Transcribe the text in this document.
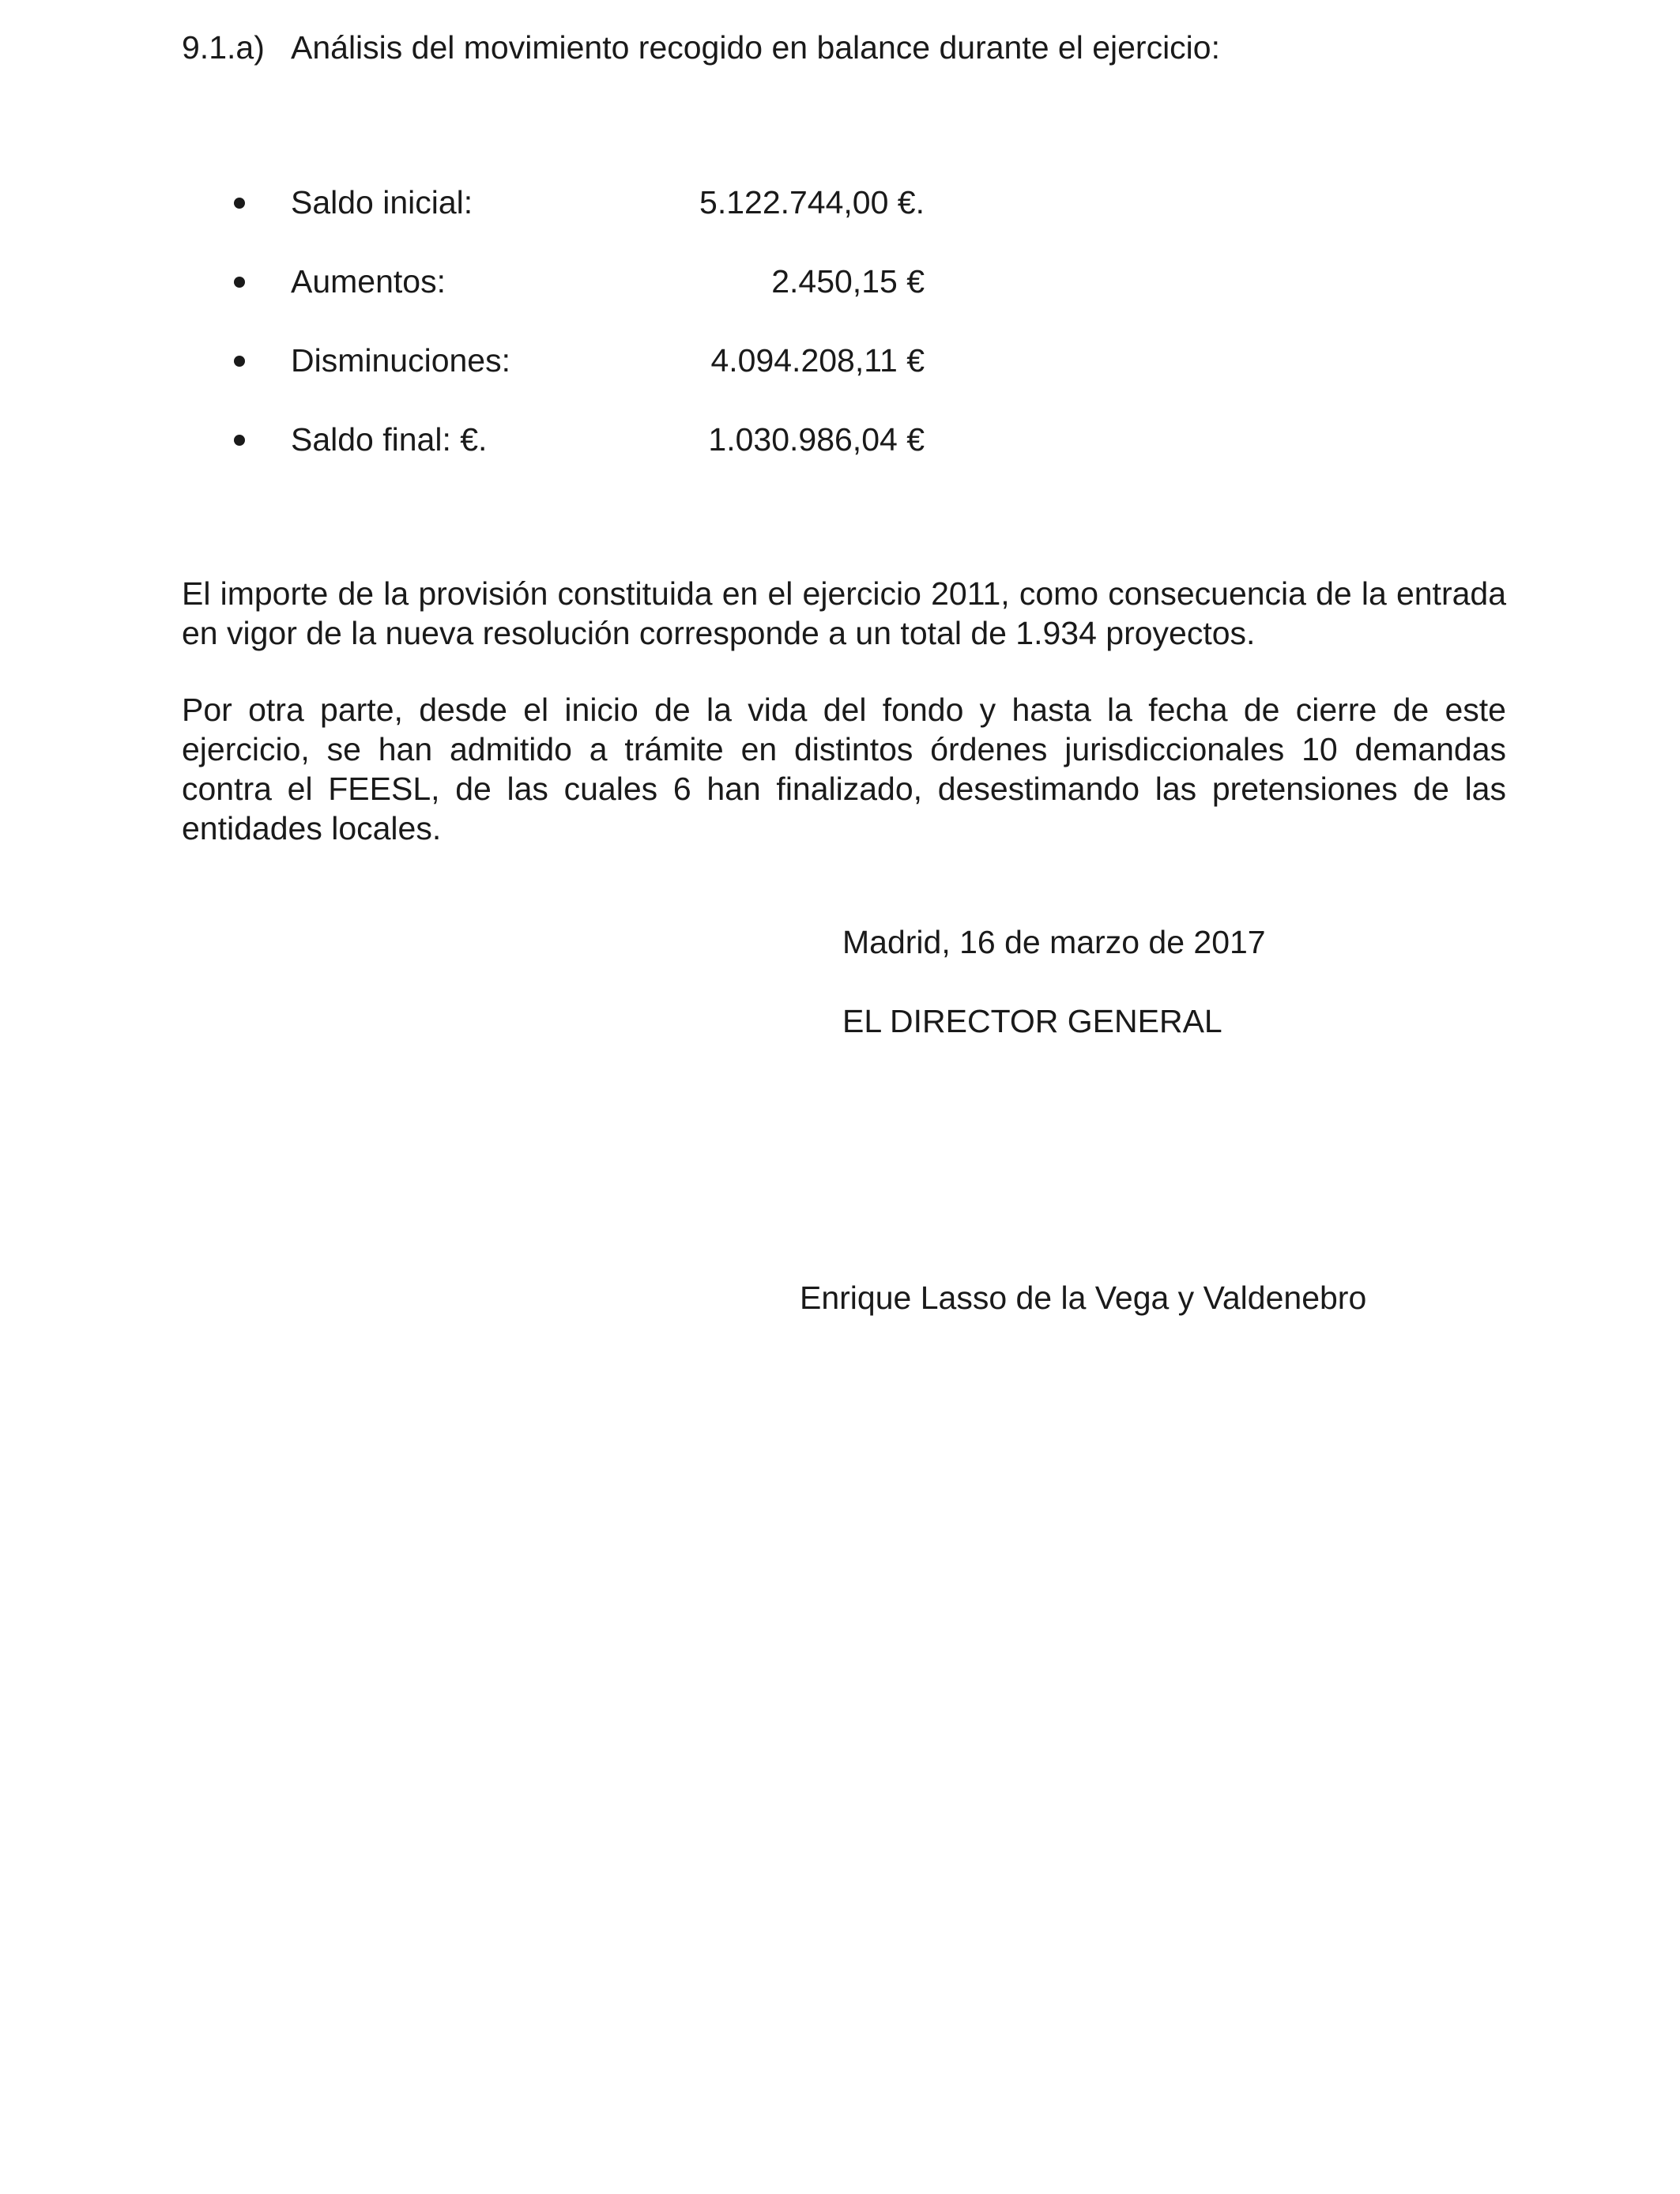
9.1.a) Análisis del movimiento recogido en balance durante el ejercicio:
Saldo inicial:	5.122.744,00 €.
Aumentos:	2.450,15 €
Disminuciones:	4.094.208,11 €
Saldo final: €.	1.030.986,04 €

El importe de la provisión constituida en el ejercicio 2011, como consecuencia de la entrada en vigor de la nueva resolución corresponde a un total de 1.934 proyectos.

Por otra parte, desde el inicio de la vida del fondo y hasta la fecha de cierre de este ejercicio, se han admitido a trámite en distintos órdenes jurisdiccionales 10 demandas contra el FEESL, de las cuales 6 han finalizado, desestimando las pretensiones de las entidades locales.

Madrid, 16 de marzo de 2017
EL DIRECTOR GENERAL
Enrique Lasso de la Vega y Valdenebro
